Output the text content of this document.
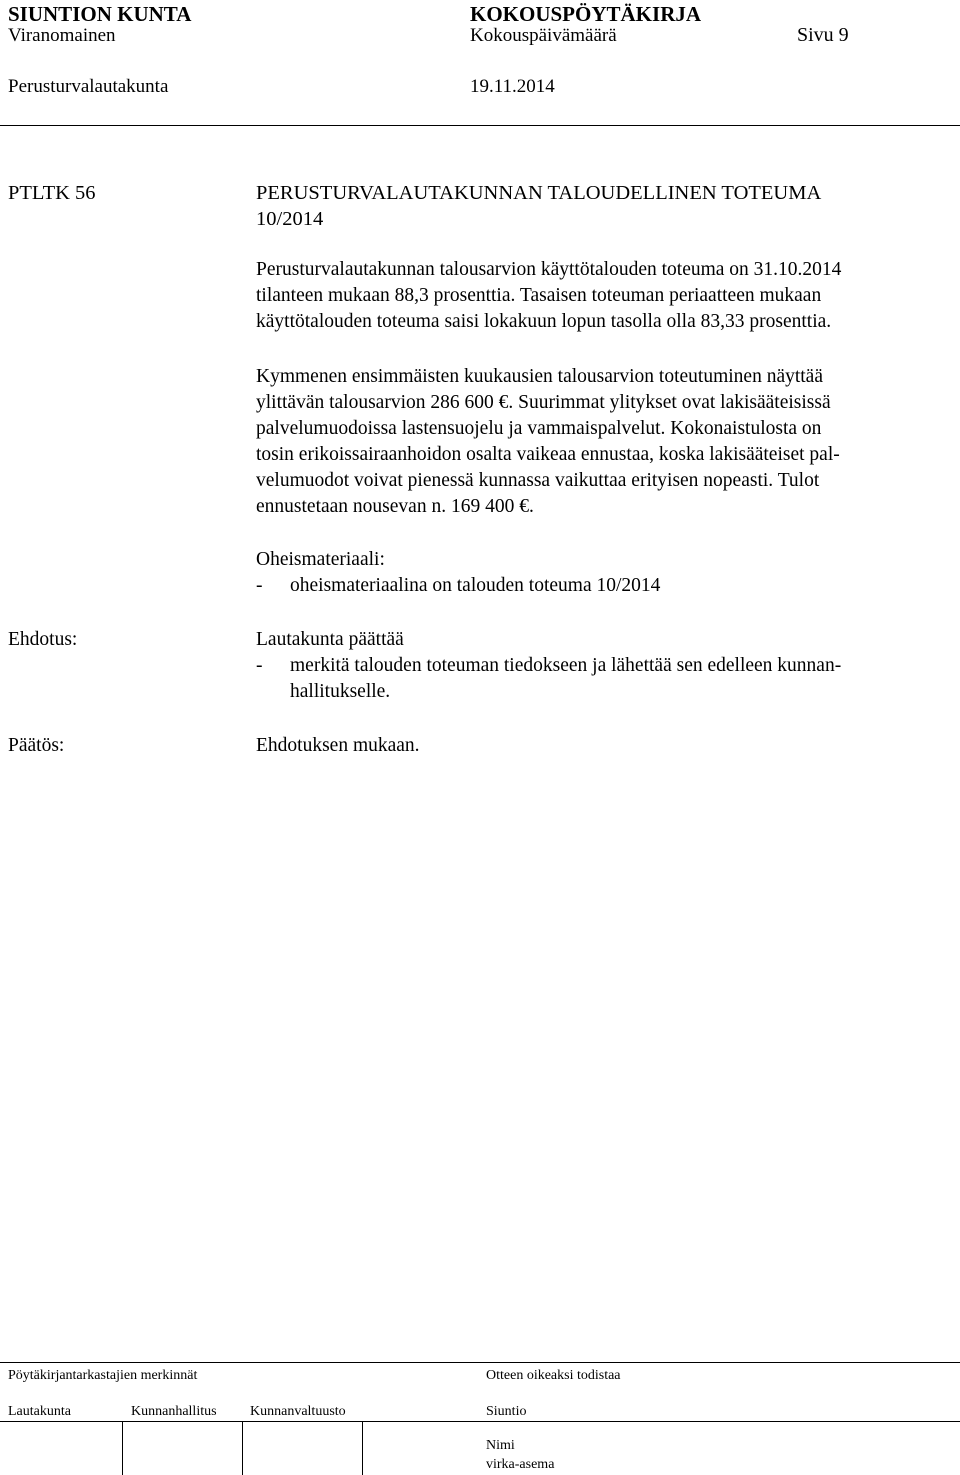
SIUNTION KUNTA	KOKOUSPÖYTÄKIRJA
Viranomainen	Kokouspäivämäärä	Sivu 9
Perusturvalautakunta	19.11.2014
PTLTK 56	PERUSTURVALAUTAKUNNAN TALOUDELLINEN TOTEUMA
10/2014
Perusturvalautakunnan talousarvion käyttötalouden toteuma on 31.10.2014
tilanteen mukaan 88,3 prosenttia. Tasaisen toteuman periaatteen mukaan
käyttötalouden toteuma saisi lokakuun lopun tasolla olla 83,33 prosenttia.
Kymmenen ensimmäisten kuukausien talousarvion toteutuminen näyttää
ylittävän talousarvion 286 600 €. Suurimmat ylitykset ovat lakisääteisissä
palvelumuodoissa lastensuojelu ja vammaispalvelut. Kokonaistulosta on
tosin erikoissairaanhoidon osalta vaikeaa ennustaa, koska lakisääteiset pal-
velumuodot voivat pienessä kunnassa vaikuttaa erityisen nopeasti. Tulot
ennustetaan nousevan n. 169 400 €.
Oheismateriaali:
- oheismateriaalina on talouden toteuma 10/2014
Ehdotus:	Lautakunta päättää
- merkitä talouden toteuman tiedokseen ja lähettää sen edelleen kunnan-
hallitukselle.
Päätös:	Ehdotuksen mukaan.
Pöytäkirjantarkastajien merkinnät	Otteen oikeaksi todistaa
Lautakunta	Kunnanhallitus Kunnanvaltuusto	Siuntio
Nimi
virka-asema
